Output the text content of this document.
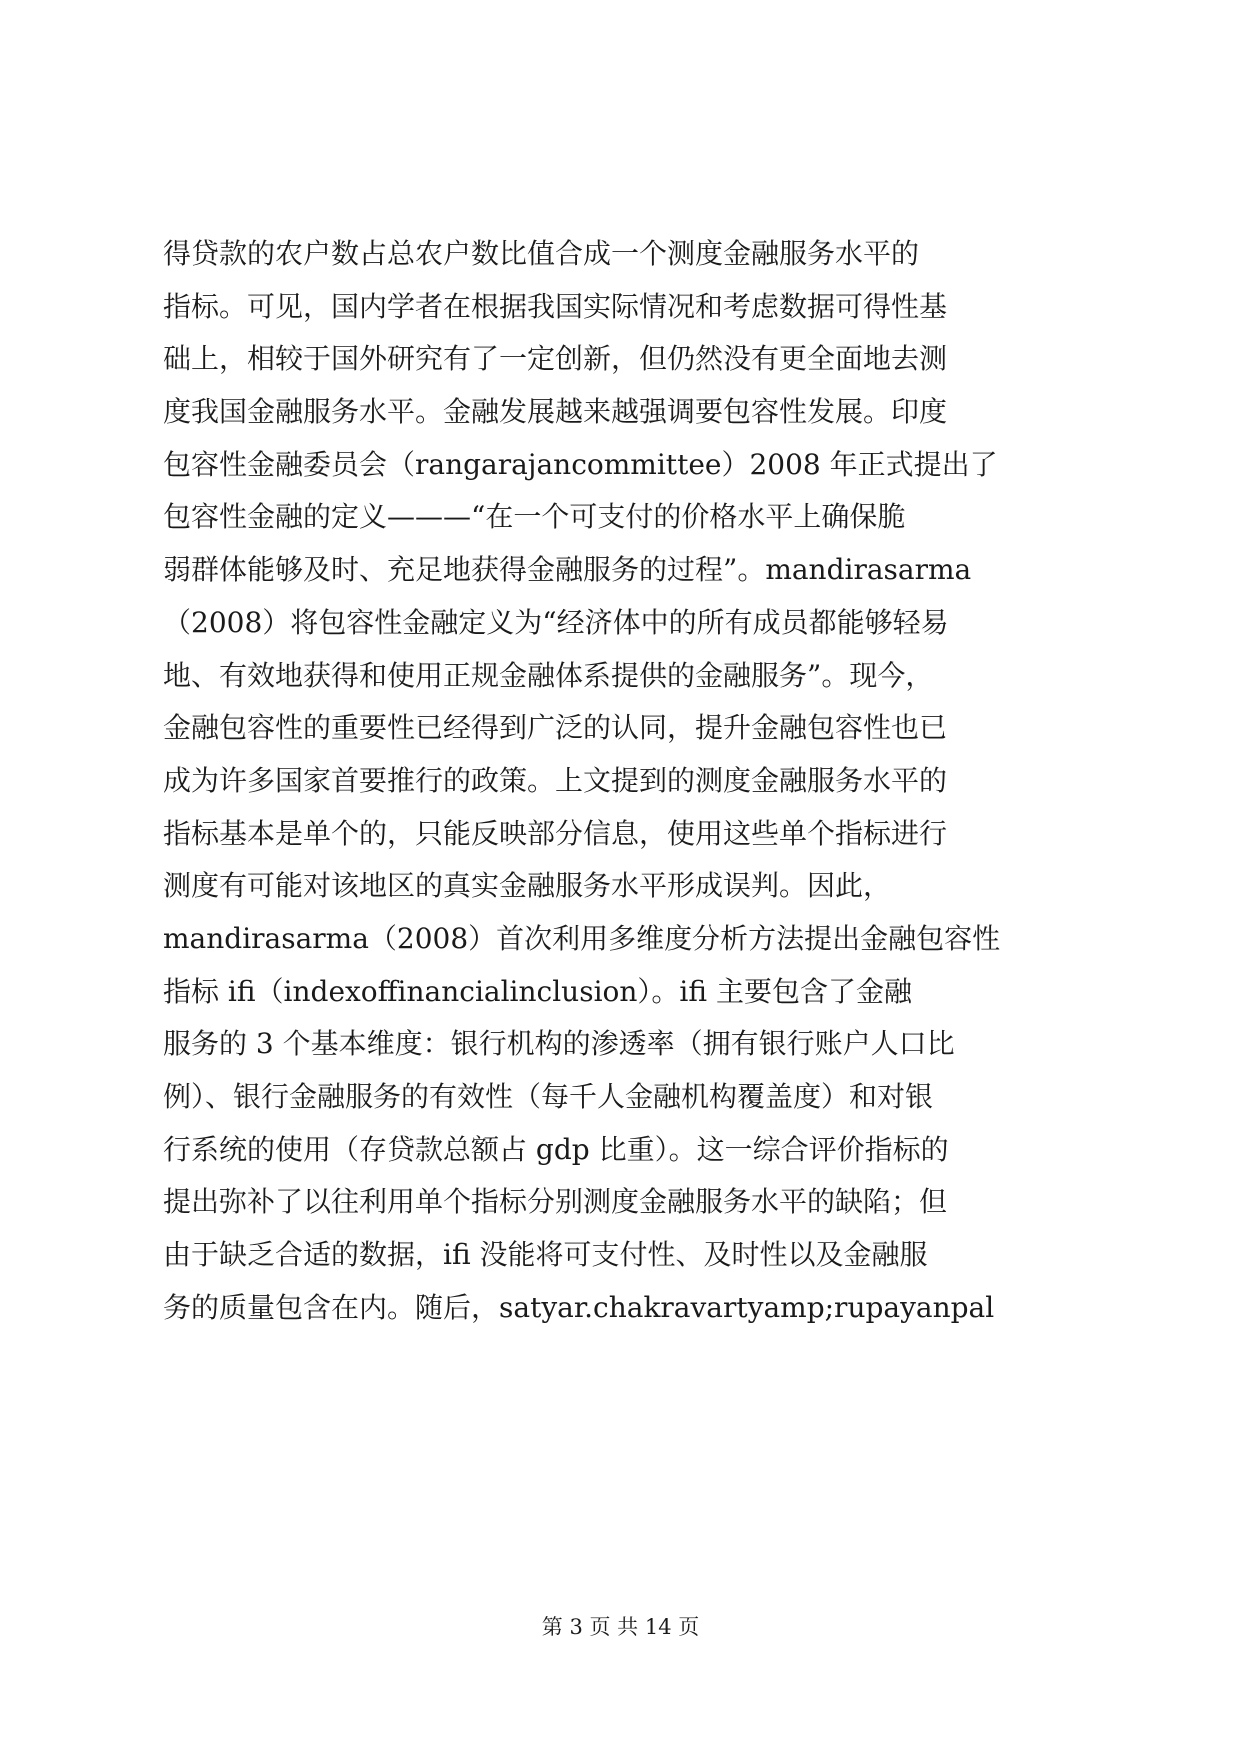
得贷款的农户数占总农户数比值合成一个测度金融服务水平的
指标。可见，国内学者在根据我国实际情况和考虑数据可得性基
础上，相较于国外研究有了一定创新，但仍然没有更全面地去测
度我国金融服务水平。金融发展越来越强调要包容性发展。印度
包容性金融委员会（rangarajancommittee）2008 年正式提出了
包容性金融的定义———“在一个可支付的价格水平上确保脆
弱群体能够及时、充足地获得金融服务的过程”。mandirasarma
（2008）将包容性金融定义为“经济体中的所有成员都能够轻易
地、有效地获得和使用正规金融体系提供的金融服务”。现今，
金融包容性的重要性已经得到广泛的认同，提升金融包容性也已
成为许多国家首要推行的政策。上文提到的测度金融服务水平的
指标基本是单个的，只能反映部分信息，使用这些单个指标进行
测度有可能对该地区的真实金融服务水平形成误判。因此，
mandirasarma（2008）首次利用多维度分析方法提出金融包容性
指标 ifi（indexoffinancialinclusion）。ifi 主要包含了金融
服务的 3 个基本维度：银行机构的渗透率（拥有银行账户人口比
例）、银行金融服务的有效性（每千人金融机构覆盖度）和对银
行系统的使用（存贷款总额占 gdp 比重）。这一综合评价指标的
提出弥补了以往利用单个指标分别测度金融服务水平的缺陷；但
由于缺乏合适的数据，ifi 没能将可支付性、及时性以及金融服
务的质量包含在内。随后，satyar.chakravartyamp;rupayanpal
第 3 页 共 14 页
